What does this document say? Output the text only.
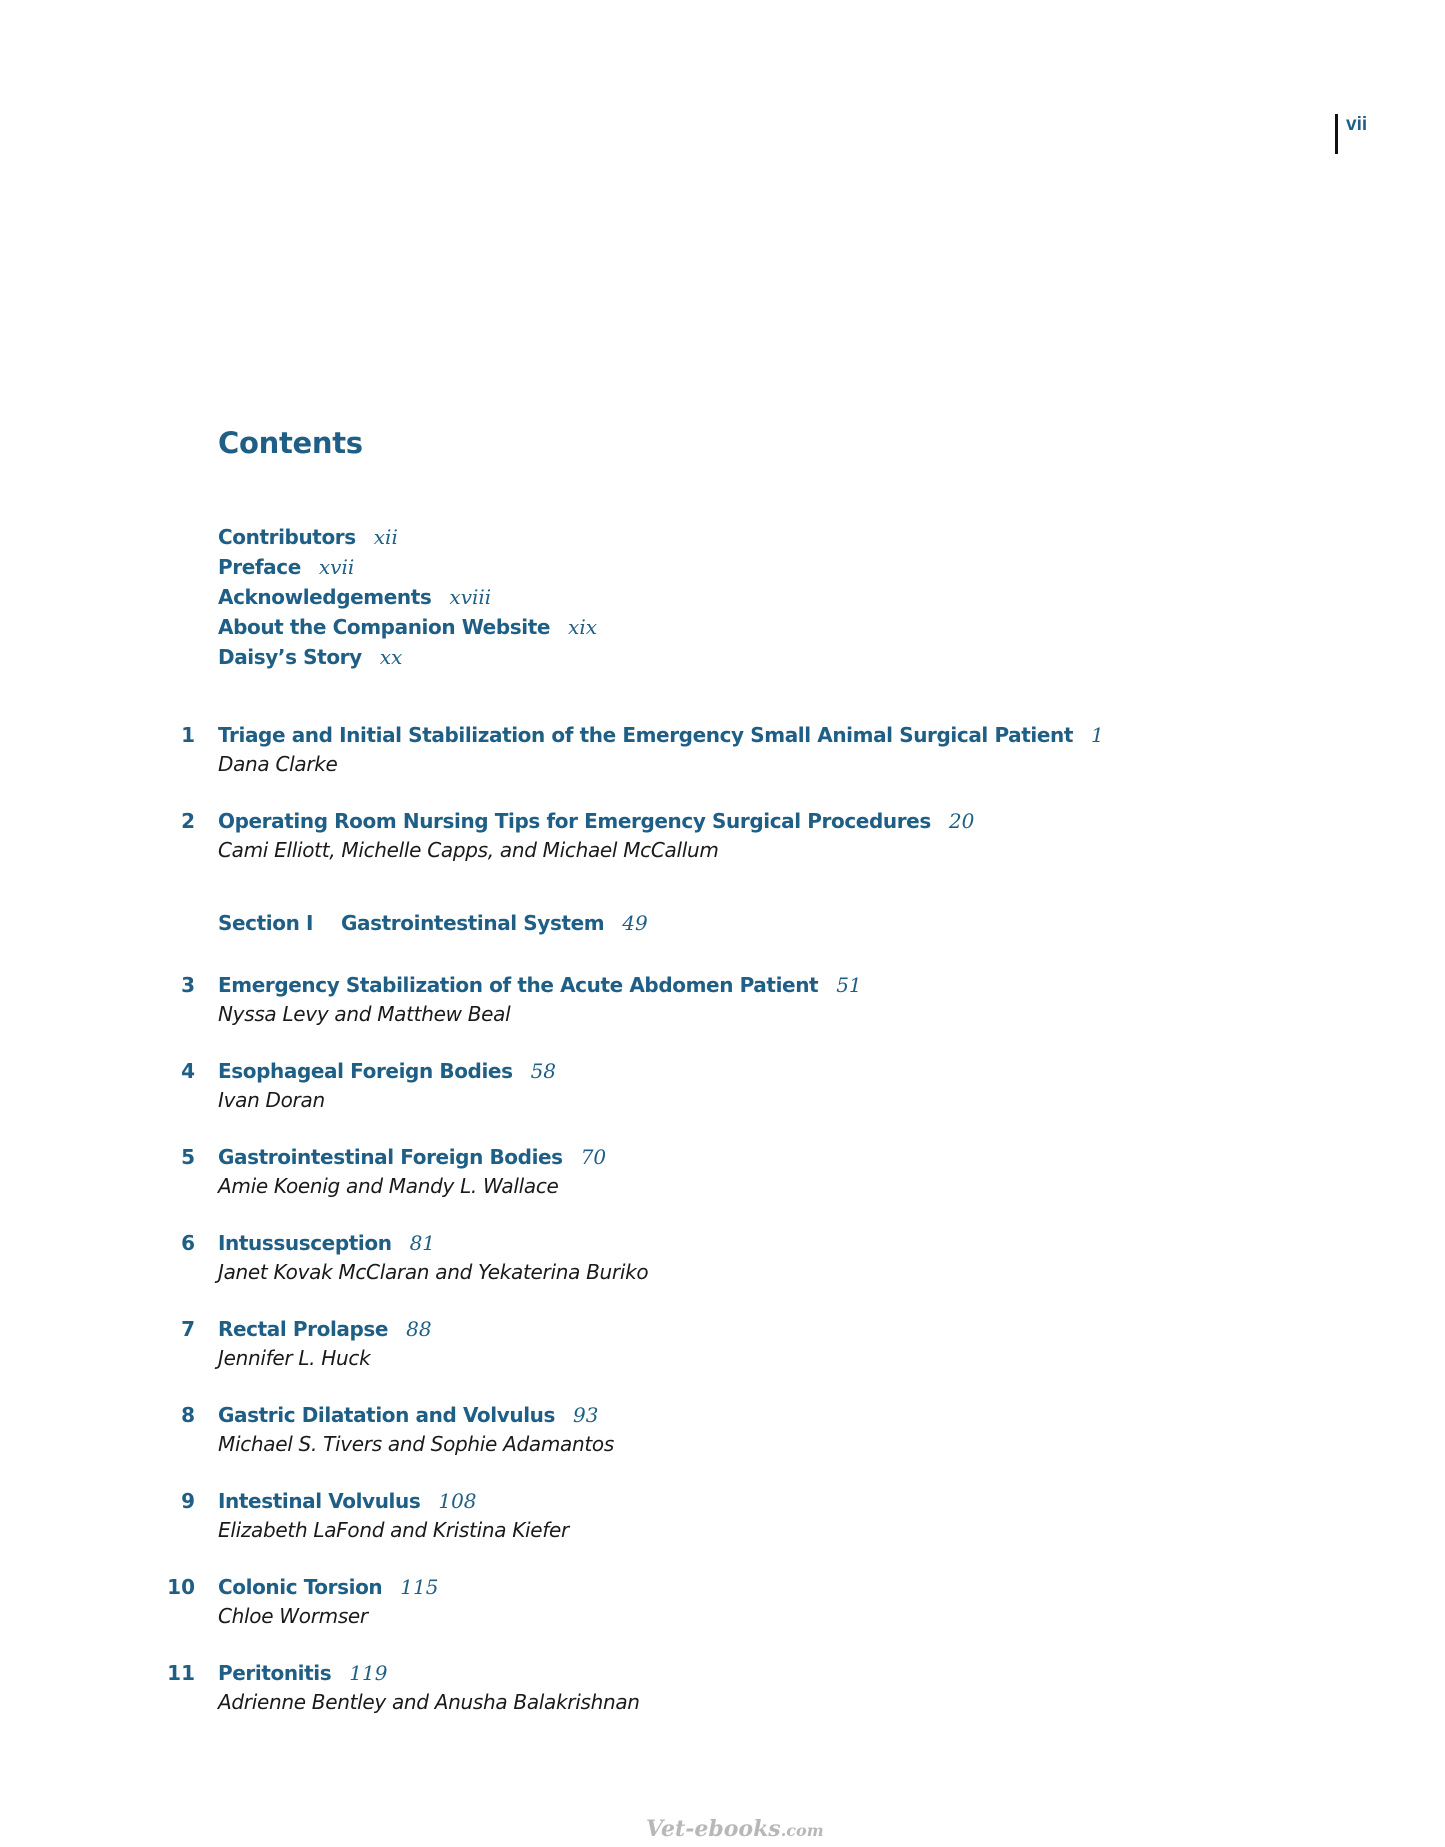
vii
Contents
Contributors xii
Preface xvii
Acknowledgements xviii
About the Companion Website xix
Daisy’s Story xx
1 Triage and Initial Stabilization of the Emergency Small Animal Surgical Patient 1
Dana Clarke
2 Operating Room Nursing Tips for Emergency Surgical Procedures 20
Cami Elliott, Michelle Capps, and Michael McCallum
Section I Gastrointestinal System 49
3 Emergency Stabilization of the Acute Abdomen Patient 51
Nyssa Levy and Matthew Beal
4 Esophageal Foreign Bodies 58
Ivan Doran
5 Gastrointestinal Foreign Bodies 70
Amie Koenig and Mandy L. Wallace
6 Intussusception 81
Janet Kovak McClaran and Yekaterina Buriko
7 Rectal Prolapse 88
Jennifer L. Huck
8 Gastric Dilatation and Volvulus 93
Michael S. Tivers and Sophie Adamantos
9 Intestinal Volvulus 108
Elizabeth LaFond and Kristina Kiefer
10 Colonic Torsion 115
Chloe Wormser
11 Peritonitis 119
Adrienne Bentley and Anusha Balakrishnan
Vet-ebooks.com
